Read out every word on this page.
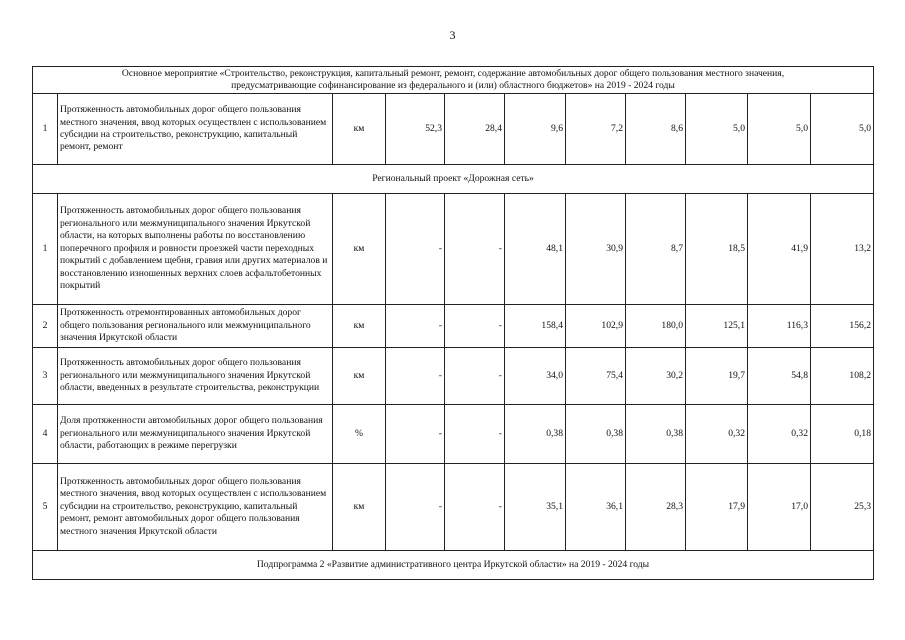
3
Основное мероприятие «Строительство, реконструкция, капитальный ремонт, ремонт, содержание автомобильных дорог общего пользования местного значения,
предусматривающие софинансирование из федерального и (или) областного бюджетов» на 2019 - 2024 годы										

1	Протяженность автомобильных дорог общего пользования местного значения, ввод которых осуществлен с использованием субсидии на строительство, реконструкцию, капитальный ремонт, ремонт	км	52,3	28,4	9,6	7,2	8,6	5,0	5,0	5,0
Региональный проект «Дорожная сеть»										
1	Протяженность автомобильных дорог общего пользования регионального или межмуниципального значения Иркутской области, на которых выполнены работы по восстановлению поперечного профиля и ровности проезжей части переходных покрытий с добавлением щебня, гравия или других материалов и восстановлению изношенных верхних слоев асфальтобетонных покрытий	км	-	-	48,1	30,9	8,7	18,5	41,9	13,2
2	Протяженность отремонтированных автомобильных дорог общего пользования регионального или межмуниципального значения Иркутской области	км	-	-	158,4	102,9	180,0	125,1	116,3	156,2
3	Протяженность автомобильных дорог общего пользования регионального или межмуниципального значения Иркутской области, введенных в результате строительства, реконструкции	км	-	-	34,0	75,4	30,2	19,7	54,8	108,2
4	Доля протяженности автомобильных дорог общего пользования регионального или межмуниципального значения Иркутской области, работающих в режиме перегрузки	%	-	-	0,38	0,38	0,38	0,32	0,32	0,18
5	Протяженность автомобильных дорог общего пользования местного значения, ввод которых осуществлен с использованием субсидии на строительство, реконструкцию, капитальный ремонт, ремонт автомобильных дорог общего пользования местного значения Иркутской области	км	-	-	35,1	36,1	28,3	17,9	17,0	25,3
Подпрограмма 2 «Развитие административного центра Иркутской области» на 2019 - 2024 годы										
